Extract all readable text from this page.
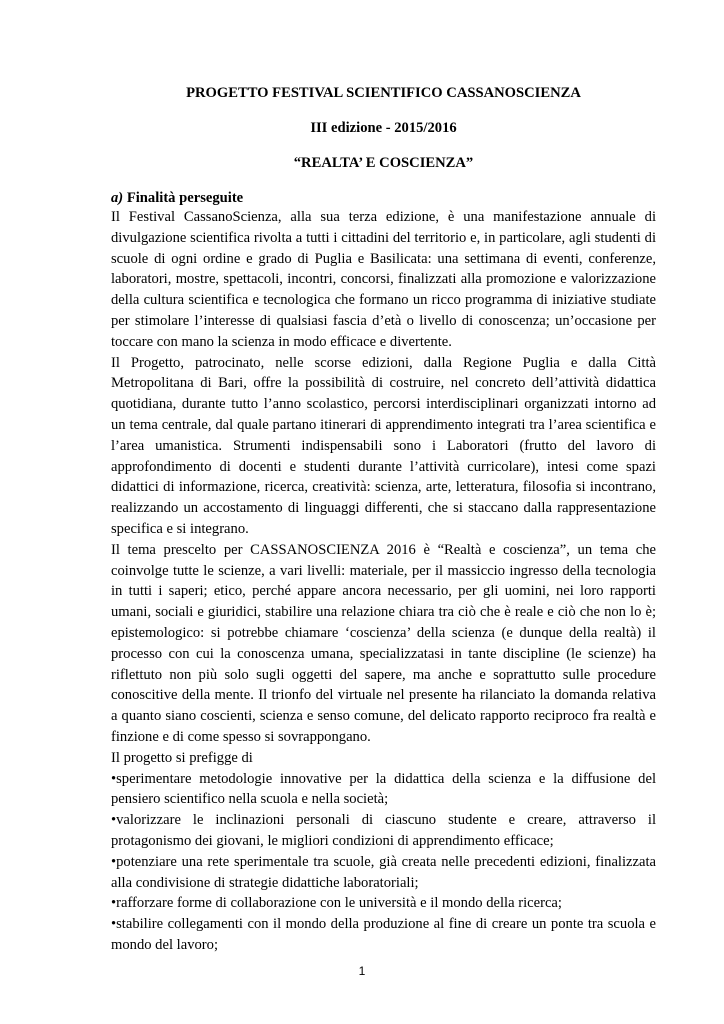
PROGETTO FESTIVAL SCIENTIFICO CASSANOSCIENZA
III edizione - 2015/2016
“REALTA’ E COSCIENZA”
a) Finalità perseguite

Il Festival CassanoScienza, alla sua terza edizione, è una manifestazione annuale di divulgazione scientifica rivolta a tutti i cittadini del territorio e, in particolare, agli studenti di scuole di ogni ordine e grado di Puglia e Basilicata: una settimana di eventi, conferenze, laboratori, mostre, spettacoli, incontri, concorsi, finalizzati alla promozione e valorizzazione della cultura scientifica e tecnologica che formano un ricco programma di iniziative studiate per stimolare l’interesse di qualsiasi fascia d’età o livello di conoscenza; un’occasione per toccare con mano la scienza in modo efficace e divertente.

Il Progetto, patrocinato, nelle scorse edizioni, dalla Regione Puglia e dalla Città Metropolitana di Bari, offre la possibilità di costruire, nel concreto dell’attività didattica quotidiana, durante tutto l’anno scolastico, percorsi interdisciplinari organizzati intorno ad un tema centrale, dal quale partano itinerari di apprendimento integrati tra l’area scientifica e l’area umanistica. Strumenti indispensabili sono i Laboratori (frutto del lavoro di approfondimento di docenti e studenti durante l’attività curricolare), intesi come spazi didattici di informazione, ricerca, creatività: scienza, arte, letteratura, filosofia si incontrano, realizzando un accostamento di linguaggi differenti, che si staccano dalla rappresentazione specifica e si integrano.

Il tema prescelto per CASSANOSCIENZA 2016 è “Realtà e coscienza”, un tema che coinvolge tutte le scienze, a vari livelli: materiale, per il massiccio ingresso della tecnologia in tutti i saperi; etico, perché appare ancora necessario, per gli uomini, nei loro rapporti umani, sociali e giuridici, stabilire una relazione chiara tra ciò che è reale e ciò che non lo è; epistemologico: si potrebbe chiamare ‘coscienza’ della scienza (e dunque della realtà) il processo con cui la conoscenza umana, specializzatasi in tante discipline (le scienze) ha riflettuto non più solo sugli oggetti del sapere, ma anche e soprattutto sulle procedure conoscitive della mente. Il trionfo del virtuale nel presente ha rilanciato la domanda relativa a quanto siano coscienti, scienza e senso comune, del delicato rapporto reciproco fra realtà e finzione e di come spesso si sovrappongano.

Il progetto si prefigge di

•sperimentare metodologie innovative per la didattica della scienza e la diffusione del pensiero scientifico nella scuola e nella società;

•valorizzare le inclinazioni personali di ciascuno studente e creare, attraverso il protagonismo dei giovani, le migliori condizioni di apprendimento efficace;

•potenziare una rete sperimentale tra scuole, già creata nelle precedenti edizioni, finalizzata alla condivisione di strategie didattiche laboratoriali;

•rafforzare forme di collaborazione con le università e il mondo della ricerca;

•stabilire collegamenti con il mondo della produzione al fine di creare un ponte tra scuola e mondo del lavoro;

1
